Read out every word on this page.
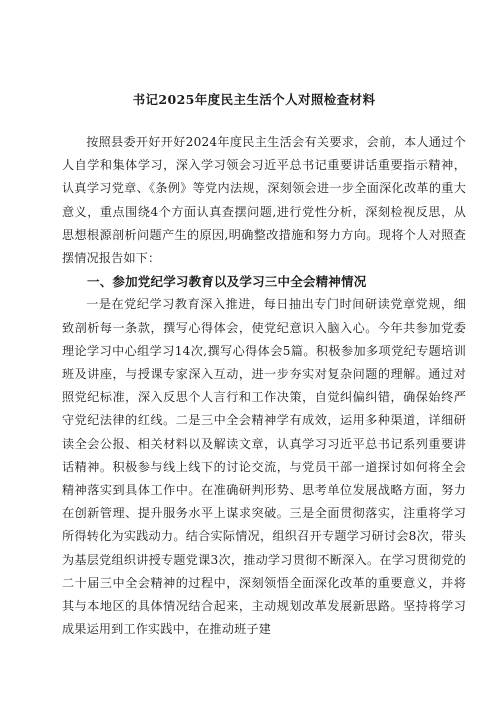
书记2025年度民主生活个人对照检查材料

按照县委开好开好2024年度民主生活会有关要求，会前，本人通过个人自学和集体学习，深入学习领会习近平总书记重要讲话重要指示精神，认真学习党章、《条例》等党内法规，深刻领会进一步全面深化改革的重大意义，重点围绕4个方面认真查摆问题,进行党性分析，深刻检视反思，从思想根源剖析问题产生的原因,明确整改措施和努力方向。现将个人对照查摆情况报告如下：

一、参加党纪学习教育以及学习三中全会精神情况

一是在党纪学习教育深入推进，每日抽出专门时间研读党章党规，细致剖析每一条款，撰写心得体会，使党纪意识入脑入心。今年共参加党委理论学习中心组学习14次,撰写心得体会5篇。积极参加多项党纪专题培训班及讲座，与授课专家深入互动，进一步夯实对复杂问题的理解。通过对照党纪标准，深入反思个人言行和工作决策，自觉纠偏纠错，确保始终严守党纪法律的红线。二是三中全会精神学有成效，运用多种渠道，详细研读全会公报、相关材料以及解读文章，认真学习习近平总书记系列重要讲话精神。积极参与线上线下的讨论交流，与党员干部一道探讨如何将全会精神落实到具体工作中。在准确研判形势、思考单位发展战略方面，努力在创新管理、提升服务水平上谋求突破。三是全面贯彻落实，注重将学习所得转化为实践动力。结合实际情况，组织召开专题学习研讨会8次，带头为基层党组织讲授专题党课3次，推动学习贯彻不断深入。在学习贯彻党的二十届三中全会精神的过程中，深刻领悟全面深化改革的重要意义，并将其与本地区的具体情况结合起来，主动规划改革发展新思路。坚持将学习成果运用到工作实践中，在推动班子建
